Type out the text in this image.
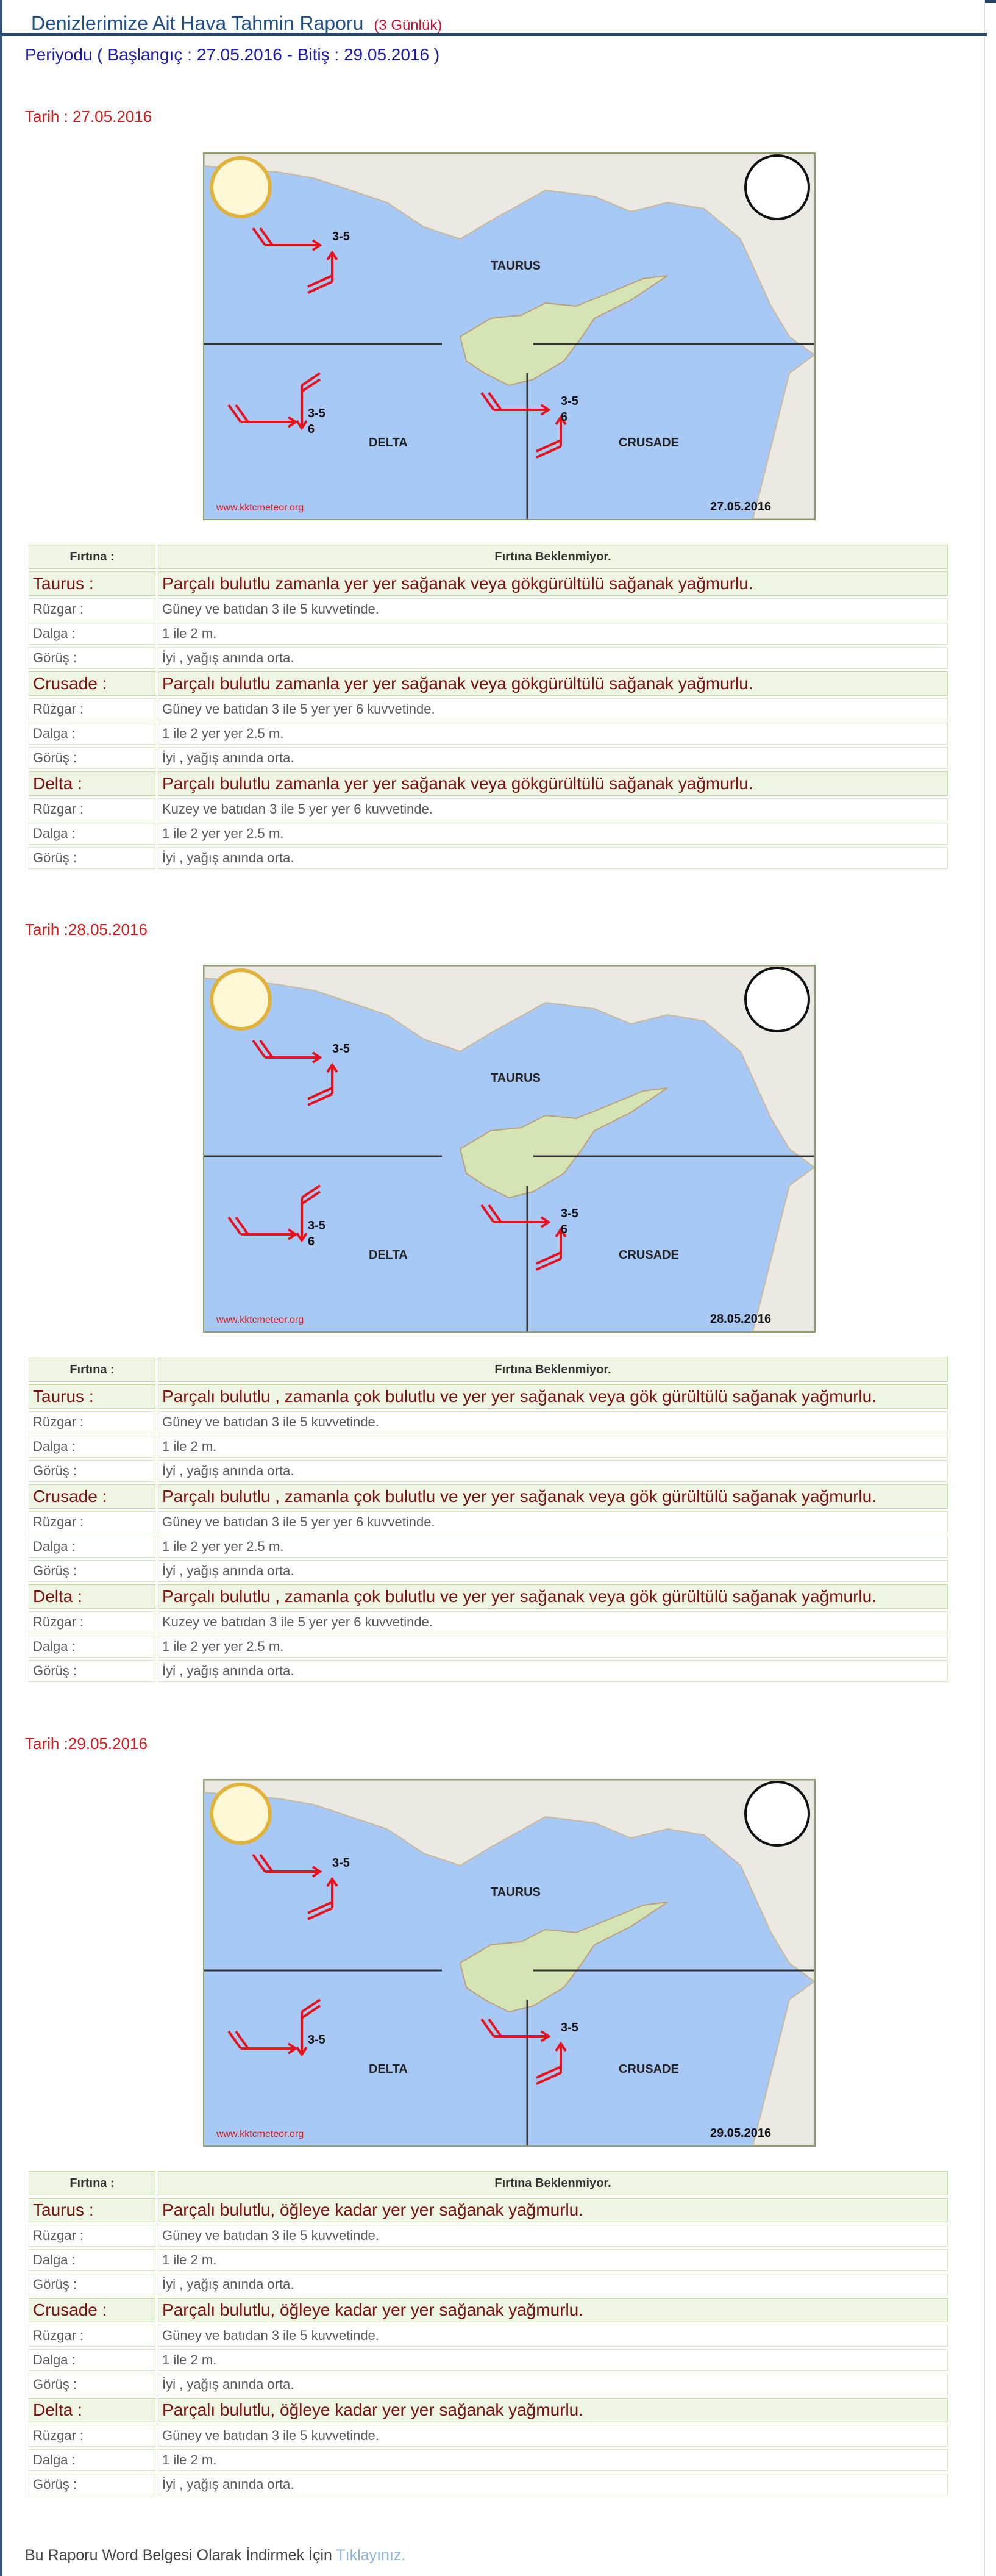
Denizlerimize Ait Hava Tahmin Raporu (3 Günlük)
Periyodu ( Başlangıç : 27.05.2016 - Bitiş : 29.05.2016 )
Tarih : 27.05.2016
TAURUS
DELTA	CRUSADE
3-5
3-5
6
3-5
6
www.kktcmeteor.org	27.05.2016
Fırtına :	Fırtına Beklenmiyor.
Taurus :	Parçalı bulutlu zamanla yer yer sağanak veya gökgürültülü sağanak yağmurlu.
Rüzgar :	Güney ve batıdan 3 ile 5 kuvvetinde.
Dalga :	1 ile 2 m.
Görüş :	İyi , yağış anında orta.
Crusade :	Parçalı bulutlu zamanla yer yer sağanak veya gökgürültülü sağanak yağmurlu.
Rüzgar :	Güney ve batıdan 3 ile 5 yer yer 6 kuvvetinde.
Dalga :	1 ile 2 yer yer 2.5 m.
Görüş :	İyi , yağış anında orta.
Delta :	Parçalı bulutlu zamanla yer yer sağanak veya gökgürültülü sağanak yağmurlu.
Rüzgar :	Kuzey ve batıdan 3 ile 5 yer yer 6 kuvvetinde.
Dalga :	1 ile 2 yer yer 2.5 m.
Görüş :	İyi , yağış anında orta.
Tarih :28.05.2016
TAURUS
DELTA	CRUSADE
3-5
3-5
6
3-5
6
www.kktcmeteor.org	28.05.2016
Fırtına :	Fırtına Beklenmiyor.
Taurus :	Parçalı bulutlu , zamanla çok bulutlu ve yer yer sağanak veya gök gürültülü sağanak yağmurlu.
Rüzgar :	Güney ve batıdan 3 ile 5 kuvvetinde.
Dalga :	1 ile 2 m.
Görüş :	İyi , yağış anında orta.
Crusade :	Parçalı bulutlu , zamanla çok bulutlu ve yer yer sağanak veya gök gürültülü sağanak yağmurlu.
Rüzgar :	Güney ve batıdan 3 ile 5 yer yer 6 kuvvetinde.
Dalga :	1 ile 2 yer yer 2.5 m.
Görüş :	İyi , yağış anında orta.
Delta :	Parçalı bulutlu , zamanla çok bulutlu ve yer yer sağanak veya gök gürültülü sağanak yağmurlu.
Rüzgar :	Kuzey ve batıdan 3 ile 5 yer yer 6 kuvvetinde.
Dalga :	1 ile 2 yer yer 2.5 m.
Görüş :	İyi , yağış anında orta.
Tarih :29.05.2016
TAURUS
DELTA	CRUSADE
3-5
3-5
3-5
www.kktcmeteor.org	29.05.2016
Fırtına :	Fırtına Beklenmiyor.
Taurus :	Parçalı bulutlu, öğleye kadar yer yer sağanak yağmurlu.
Rüzgar :	Güney ve batıdan 3 ile 5 kuvvetinde.
Dalga :	1 ile 2 m.
Görüş :	İyi , yağış anında orta.
Crusade :	Parçalı bulutlu, öğleye kadar yer yer sağanak yağmurlu.
Rüzgar :	Güney ve batıdan 3 ile 5 kuvvetinde.
Dalga :	1 ile 2 m.
Görüş :	İyi , yağış anında orta.
Delta :	Parçalı bulutlu, öğleye kadar yer yer sağanak yağmurlu.
Rüzgar :	Güney ve batıdan 3 ile 5 kuvvetinde.
Dalga :	1 ile 2 m.
Görüş :	İyi , yağış anında orta.
Bu Raporu Word Belgesi Olarak İndirmek İçin Tıklayınız.
